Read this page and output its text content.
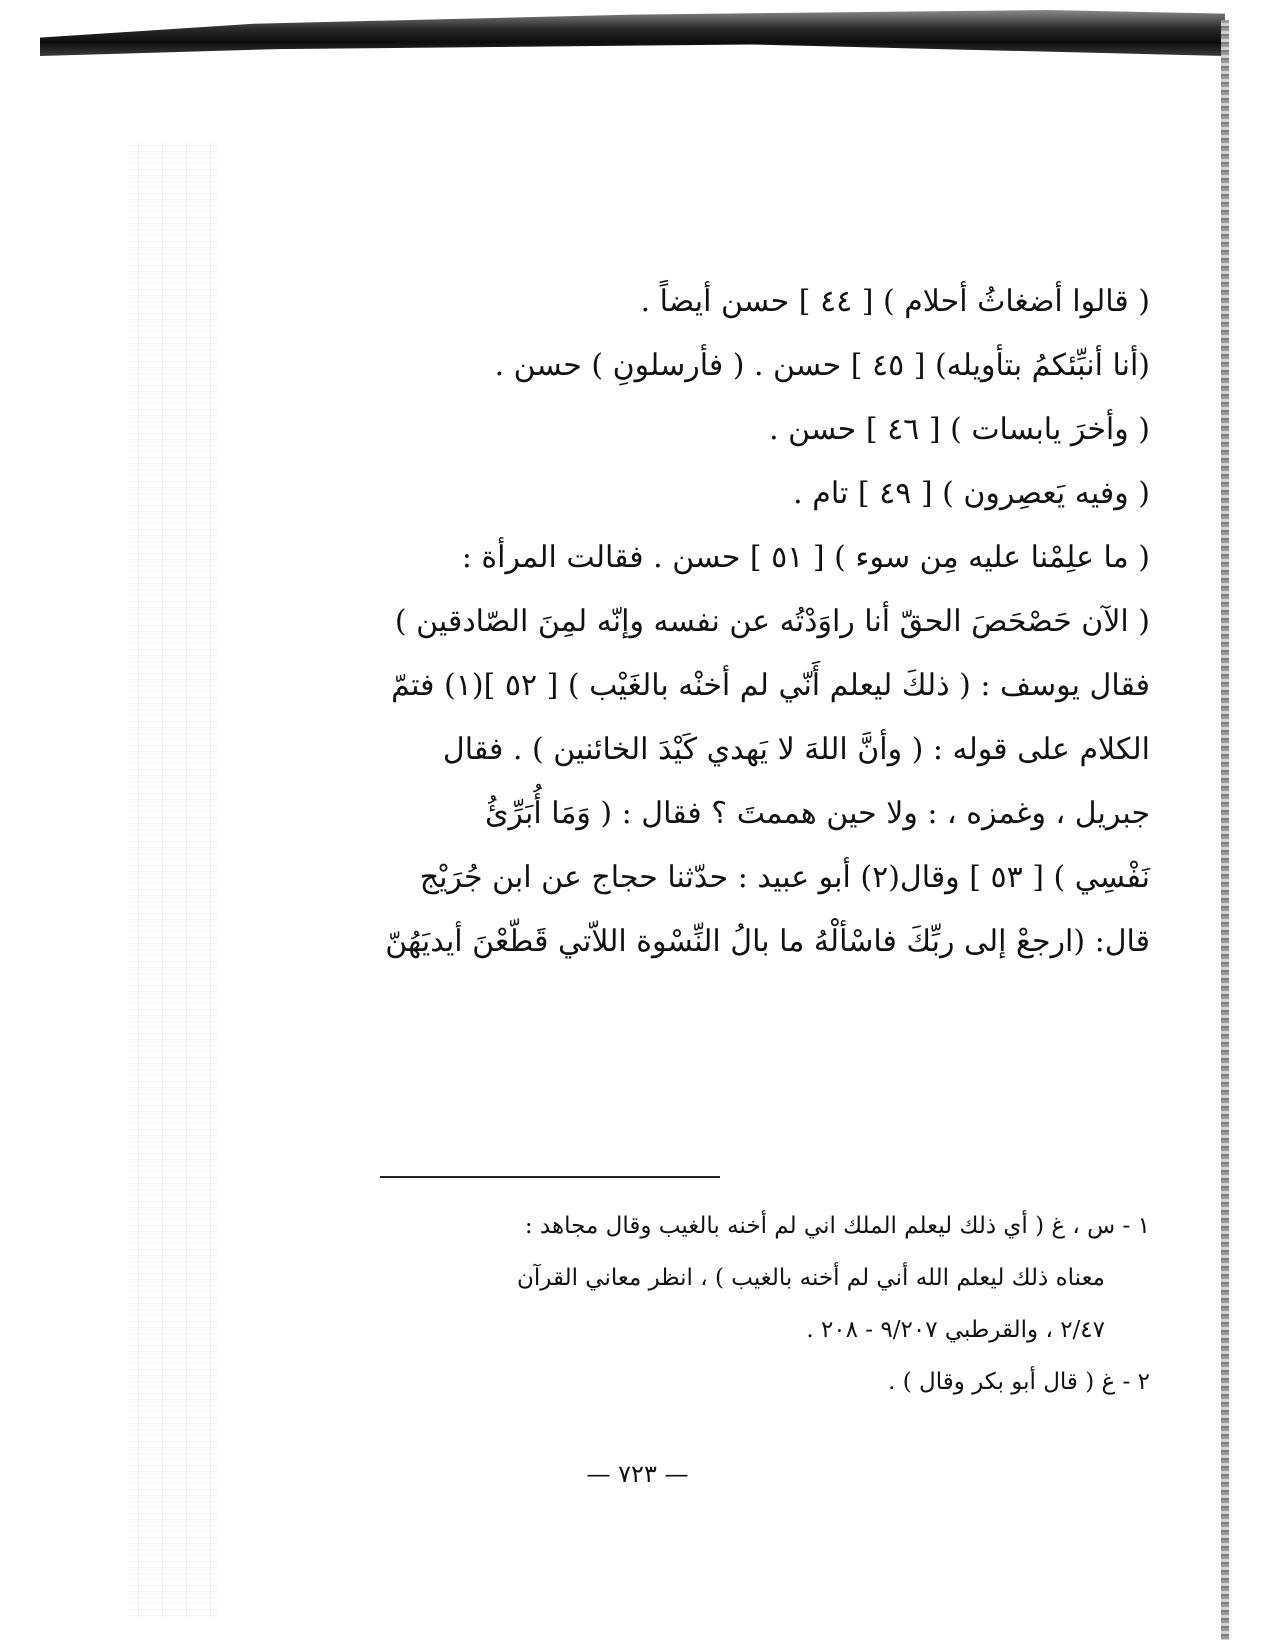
( قالوا أضغاثُ أحلام ) [ ٤٤ ] حسن أيضاً .
(أنا أنبِّئكمُ بتأويله) [ ٤٥ ] حسن . ( فأرسلونِ ) حسن .
( وأخرَ يابسات ) [ ٤٦ ] حسن .
( وفيه يَعصِرون ) [ ٤٩ ] تام .
( ما علِمْنا عليه مِن سوء ) [ ٥١ ] حسن . فقالت المرأة :
( الآن حَصْحَصَ الحقّ أنا راوَدْتُه عن نفسه وإنّه لمِنَ الصّادقين )
فقال يوسف : ( ذلكَ ليعلم أَنّي لم أخنْه بالغَيْب ) [ ٥٢ ](١) فتمّ
الكلام على قوله : ( وأنَّ اللهَ لا يَهدي كَيْدَ الخائنين ) . فقال
جبريل ، وغمزه ، : ولا حين هممتَ ؟ فقال : ( وَمَا أُبَرِّئُ
نَفْسِي ) [ ٥٣ ] وقال(٢) أبو عبيد : حدّثنا حجاج عن ابن جُرَيْج
قال: (ارجعْ إلى ربِّكَ فاسْألْهُ ما بالُ النِّسْوة اللاّتي قَطّعْنَ أيديَهُنّ
١ - س ، غ ( أي ذلك ليعلم الملك اني لم أخنه بالغيب وقال مجاهد :
معناه ذلك ليعلم الله أني لم أخنه بالغيب ) ، انظر معاني القرآن
٢/٤٧ ، والقرطبي ٩/٢٠٧ - ٢٠٨ .
٢ - غ ( قال أبو بكر وقال ) .
— ٧٢٣ —
